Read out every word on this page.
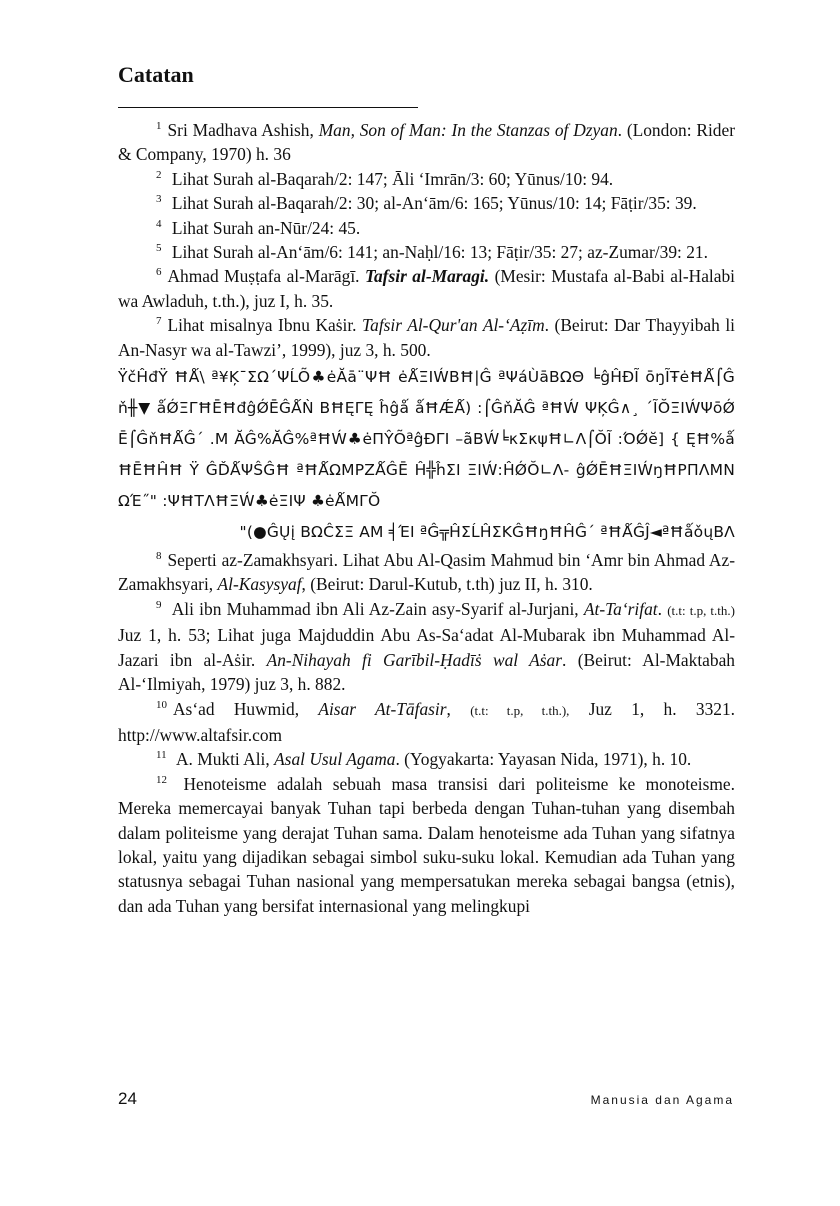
Catatan

$^1$ Sri Madhava Ashish, Man, Son of Man: In the Stanzas of Dzyan. (London: Rider & Company, 1970) h. 36

$^2$ Lihat Surah al-Baqarah/2: 147; Āli ‘Imrān/3: 60; Yūnus/10: 94.

$^3$ Lihat Surah al-Baqarah/2: 30; al-An‘ām/6: 165; Yūnus/10: 14; Fāṭir/35: 39.

$^4$ Lihat Surah an-Nūr/24: 45.

$^5$ Lihat Surah al-An‘ām/6: 141; an-Naḥl/16: 13; Fāṭir/35: 27; az-Zumar/39: 21.

$^6$ Ahmad Muṣṭafa al-Marāgī. Tafsir al-Maragi. (Mesir: Mustafa al-Babi al-Halabi wa Awladuh, t.th.), juz I, h. 35.

$^7$ Lihat misalnya Ibnu Kaṡir. Tafsir Al-Qur'an Al-‘Aẓīm. (Beirut: Dar Thayyibah li An-Nasyr wa al-Tawzi’, 1999), juz 3, h. 500.

ŸčĤđŸ ĦǺ\ ª¥Ķ¯ΣΩ´ΨĹÕ♣ėĂā¨ΨĦ ėǺΞΙẂΒĦ|Ĝ ªΨáÙāΒΩΘ ╘ĝĤĐĨ ōŋĨŦėĦǺ⌠Ĝň╫▼ ǻǾΞΓĦĒĦđĝǾĒĜǺǸ ΒĦĘΓĘ ĥĝǻ ǻĦǼǺ) :⌠ĜňĂĜ ªĦẂ ΨĶĜ∧¸ ´ĨŎΞΙẂΨōǾĒ⌠ĜňĦǺĜ´ .Μ ĂĜ%ĂĜ%ªĦẂ♣ėΠŶÕªĝĐΓΙ –ãΒẂ╘κΣκψĦ∟Λ⌠ŎĨ :ΌǾĕ] { ĘĦ%ǻĦĒĦĤĦ Ÿ ĜĎǺΨŜĜĦ ªĦǺΩΜΡΖǺĜĒ Ĥ╬ĥΣΙ ΞΙẂ:ĤǾŎ∟Λ- ĝǾĒĦΞΙẂŋĦΡΠΛΜΝΩΈ˝" :ΨĦΤΛĦΞẂ♣ėΞΙΨ ♣ėǺΜΓŎ
"(●ĜŲį ΒΩĈΣΞ ΑΜ ╡ΈΙ ªĜ╦ĤΣĹĤΣΚĜĦŋĦĤĜ´ ªĦǺĜĴ◄ªĦǻǒųΒΛ

$^8$ Seperti az-Zamakhsyari. Lihat Abu Al-Qasim Mahmud bin ‘Amr bin Ahmad Az-Zamakhsyari, Al-Kasysyaf, (Beirut: Darul-Kutub, t.th) juz II, h. 310.

$^9$ Ali ibn Muhammad ibn Ali Az-Zain asy-Syarif al-Jurjani, At-Ta‘rifat. (t.t: t.p, t.th.) Juz 1, h. 53; Lihat juga Majduddin Abu As-Sa‘adat Al-Mubarak ibn Muhammad Al-Jazari ibn al-Aṡir. An-Nihayah fi Garībil-Ḥadīṡ wal Aṡar. (Beirut: Al-Maktabah Al-‘Ilmiyah, 1979) juz 3, h. 882.

$^{10}$ As‘ad Huwmid, Aisar At-Tāfasir, (t.t: t.p, t.th.), Juz 1, h. 3321. http://www.altafsir.com

$^{11}$ A. Mukti Ali, Asal Usul Agama. (Yogyakarta: Yayasan Nida, 1971), h. 10.

$^{12}$ Henoteisme adalah sebuah masa transisi dari politeisme ke monoteisme. Mereka memercayai banyak Tuhan tapi berbeda dengan Tuhan-tuhan yang disembah dalam politeisme yang derajat Tuhan sama. Dalam henoteisme ada Tuhan yang sifatnya lokal, yaitu yang dijadikan sebagai simbol suku-suku lokal. Kemudian ada Tuhan yang statusnya sebagai Tuhan nasional yang mempersatukan mereka sebagai bangsa (etnis), dan ada Tuhan yang bersifat internasional yang melingkupi

24	Manusia dan Agama
